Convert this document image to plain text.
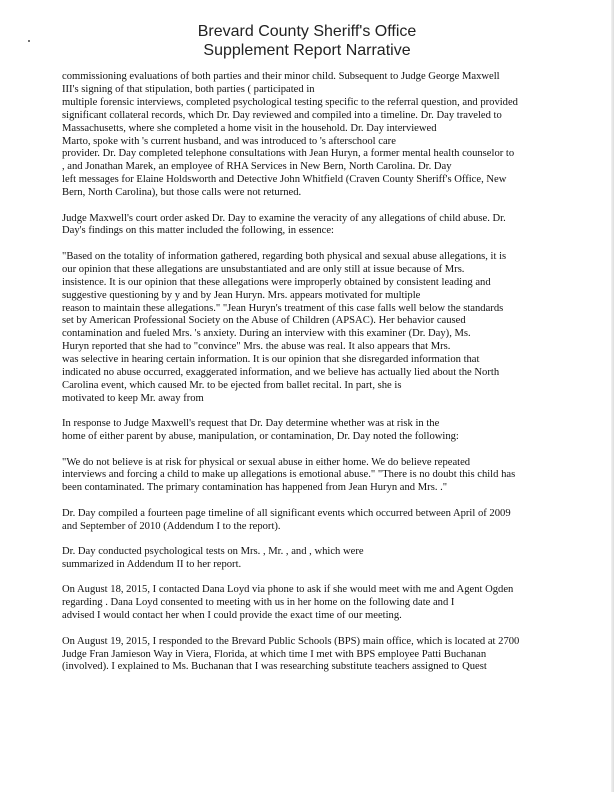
Brevard County Sheriff's Office
Supplement Report Narrative
commissioning evaluations of both parties and their minor child. Subsequent to Judge George Maxwell
III's signing of that stipulation, both parties ( participated in
multiple forensic interviews, completed psychological testing specific to the referral question, and provided
significant collateral records, which Dr. Day reviewed and compiled into a timeline. Dr. Day traveled to
Massachusetts, where she completed a home visit in the household. Dr. Day interviewed
Marto, spoke with 's current husband, and was introduced to 's afterschool care
provider. Dr. Day completed telephone consultations with Jean Huryn, a former mental health counselor to
, and Jonathan Marek, an employee of RHA Services in New Bern, North Carolina. Dr. Day
left messages for Elaine Holdsworth and Detective John Whitfield (Craven County Sheriff's Office, New
Bern, North Carolina), but those calls were not returned.
Judge Maxwell's court order asked Dr. Day to examine the veracity of any allegations of child abuse. Dr.
Day's findings on this matter included the following, in essence:
"Based on the totality of information gathered, regarding both physical and sexual abuse allegations, it is
our opinion that these allegations are unsubstantiated and are only still at issue because of Mrs.
insistence. It is our opinion that these allegations were improperly obtained by consistent leading and
suggestive questioning by y and by Jean Huryn. Mrs. appears motivated for multiple
reason to maintain these allegations." "Jean Huryn's treatment of this case falls well below the standards
set by American Professional Society on the Abuse of Children (APSAC). Her behavior caused
contamination and fueled Mrs. 's anxiety. During an interview with this examiner (Dr. Day), Ms.
Huryn reported that she had to "convince" Mrs. the abuse was real. It also appears that Mrs.
was selective in hearing certain information. It is our opinion that she disregarded information that
indicated no abuse occurred, exaggerated information, and we believe has actually lied about the North
Carolina event, which caused Mr. to be ejected from ballet recital. In part, she is
motivated to keep Mr. away from
In response to Judge Maxwell's request that Dr. Day determine whether was at risk in the
home of either parent by abuse, manipulation, or contamination, Dr. Day noted the following:
"We do not believe is at risk for physical or sexual abuse in either home. We do believe repeated
interviews and forcing a child to make up allegations is emotional abuse." "There is no doubt this child has
been contaminated. The primary contamination has happened from Jean Huryn and Mrs. ."
Dr. Day compiled a fourteen page timeline of all significant events which occurred between April of 2009
and September of 2010 (Addendum I to the report).
Dr. Day conducted psychological tests on Mrs. , Mr. , and , which were
summarized in Addendum II to her report.
On August 18, 2015, I contacted Dana Loyd via phone to ask if she would meet with me and Agent Ogden
regarding . Dana Loyd consented to meeting with us in her home on the following date and I
advised I would contact her when I could provide the exact time of our meeting.
On August 19, 2015, I responded to the Brevard Public Schools (BPS) main office, which is located at 2700
Judge Fran Jamieson Way in Viera, Florida, at which time I met with BPS employee Patti Buchanan
(involved). I explained to Ms. Buchanan that I was researching substitute teachers assigned to Quest
